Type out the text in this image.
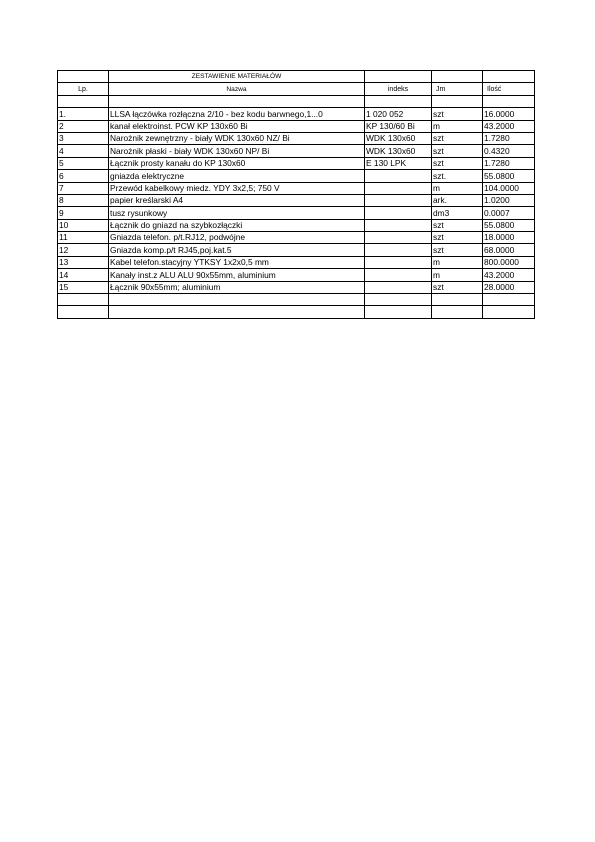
	ZESTAWIENIE MATERIAŁÓW			
Lp.	Nazwa	indeks	Jm	Ilość

1.	LLSA łączówka rozłączna 2/10 - bez kodu barwnego,1...0	1 020 052	szt	16.0000
2	kanał elektroinst. PCW KP 130x60 Bi	KP 130/60 Bi	m	43.2000
3	Narożnik zewnętrzny - biały WDK 130x60 NZ/ Bi	WDK 130x60	szt	1.7280
4	Narożnik płaski - biały WDK 130x60 NP/ Bi	WDK 130x60	szt	0.4320
5	Łącznik prosty kanału do KP 130x60	E 130 LPK	szt	1.7280
6	gniazda elektryczne		szt.	55.0800
7	Przewód kabelkowy miedz. YDY 3x2,5; 750 V		m	104.0000
8	papier kreślarski A4		ark.	1.0200
9	tusz rysunkowy		dm3	0.0007
10	Łącznik do gniazd na szybkozłączki		szt	55.0800
11	Gniazda telefon. p/t.RJ12, podwójne		szt	18.0000
12	Gniazda komp.p/t RJ45,poj.kat.5		szt	68.0000
13	Kabel telefon.stacyjny YTKSY 1x2x0,5 mm		m	800.0000
14	Kanały inst.z ALU ALU 90x55mm, aluminium		m	43.2000
15	Łącznik 90x55mm; aluminium		szt	28.0000
